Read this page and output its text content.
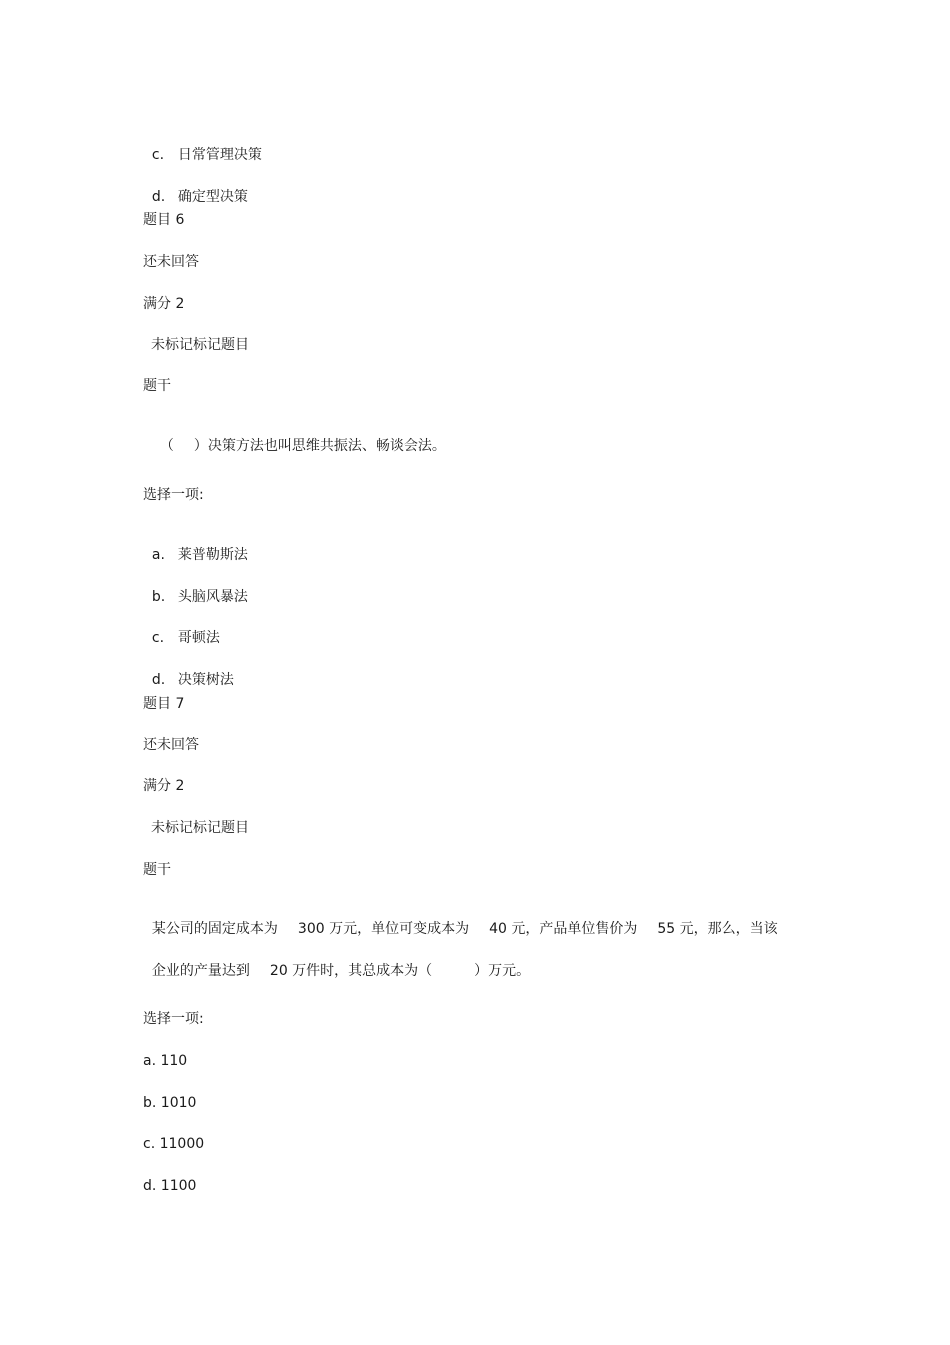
c. 日常管理决策

d. 确定型决策

题目 6
还未回答
满分 2
未标记标记题目
题干

（ ）决策方法也叫思维共振法、畅谈会法。

选择一项:

a. 莱普勒斯法

b. 头脑风暴法

c. 哥顿法

d. 决策树法

题目 7
还未回答
满分 2
未标记标记题目
题干

某公司的固定成本为 300 万元，单位可变成本为 40 元，产品单位售价为 55 元，那么，当该

企业的产量达到 20 万件时，其总成本为（	）万元。

选择一项:
a. 110
b. 1010
c. 11000
d. 1100
